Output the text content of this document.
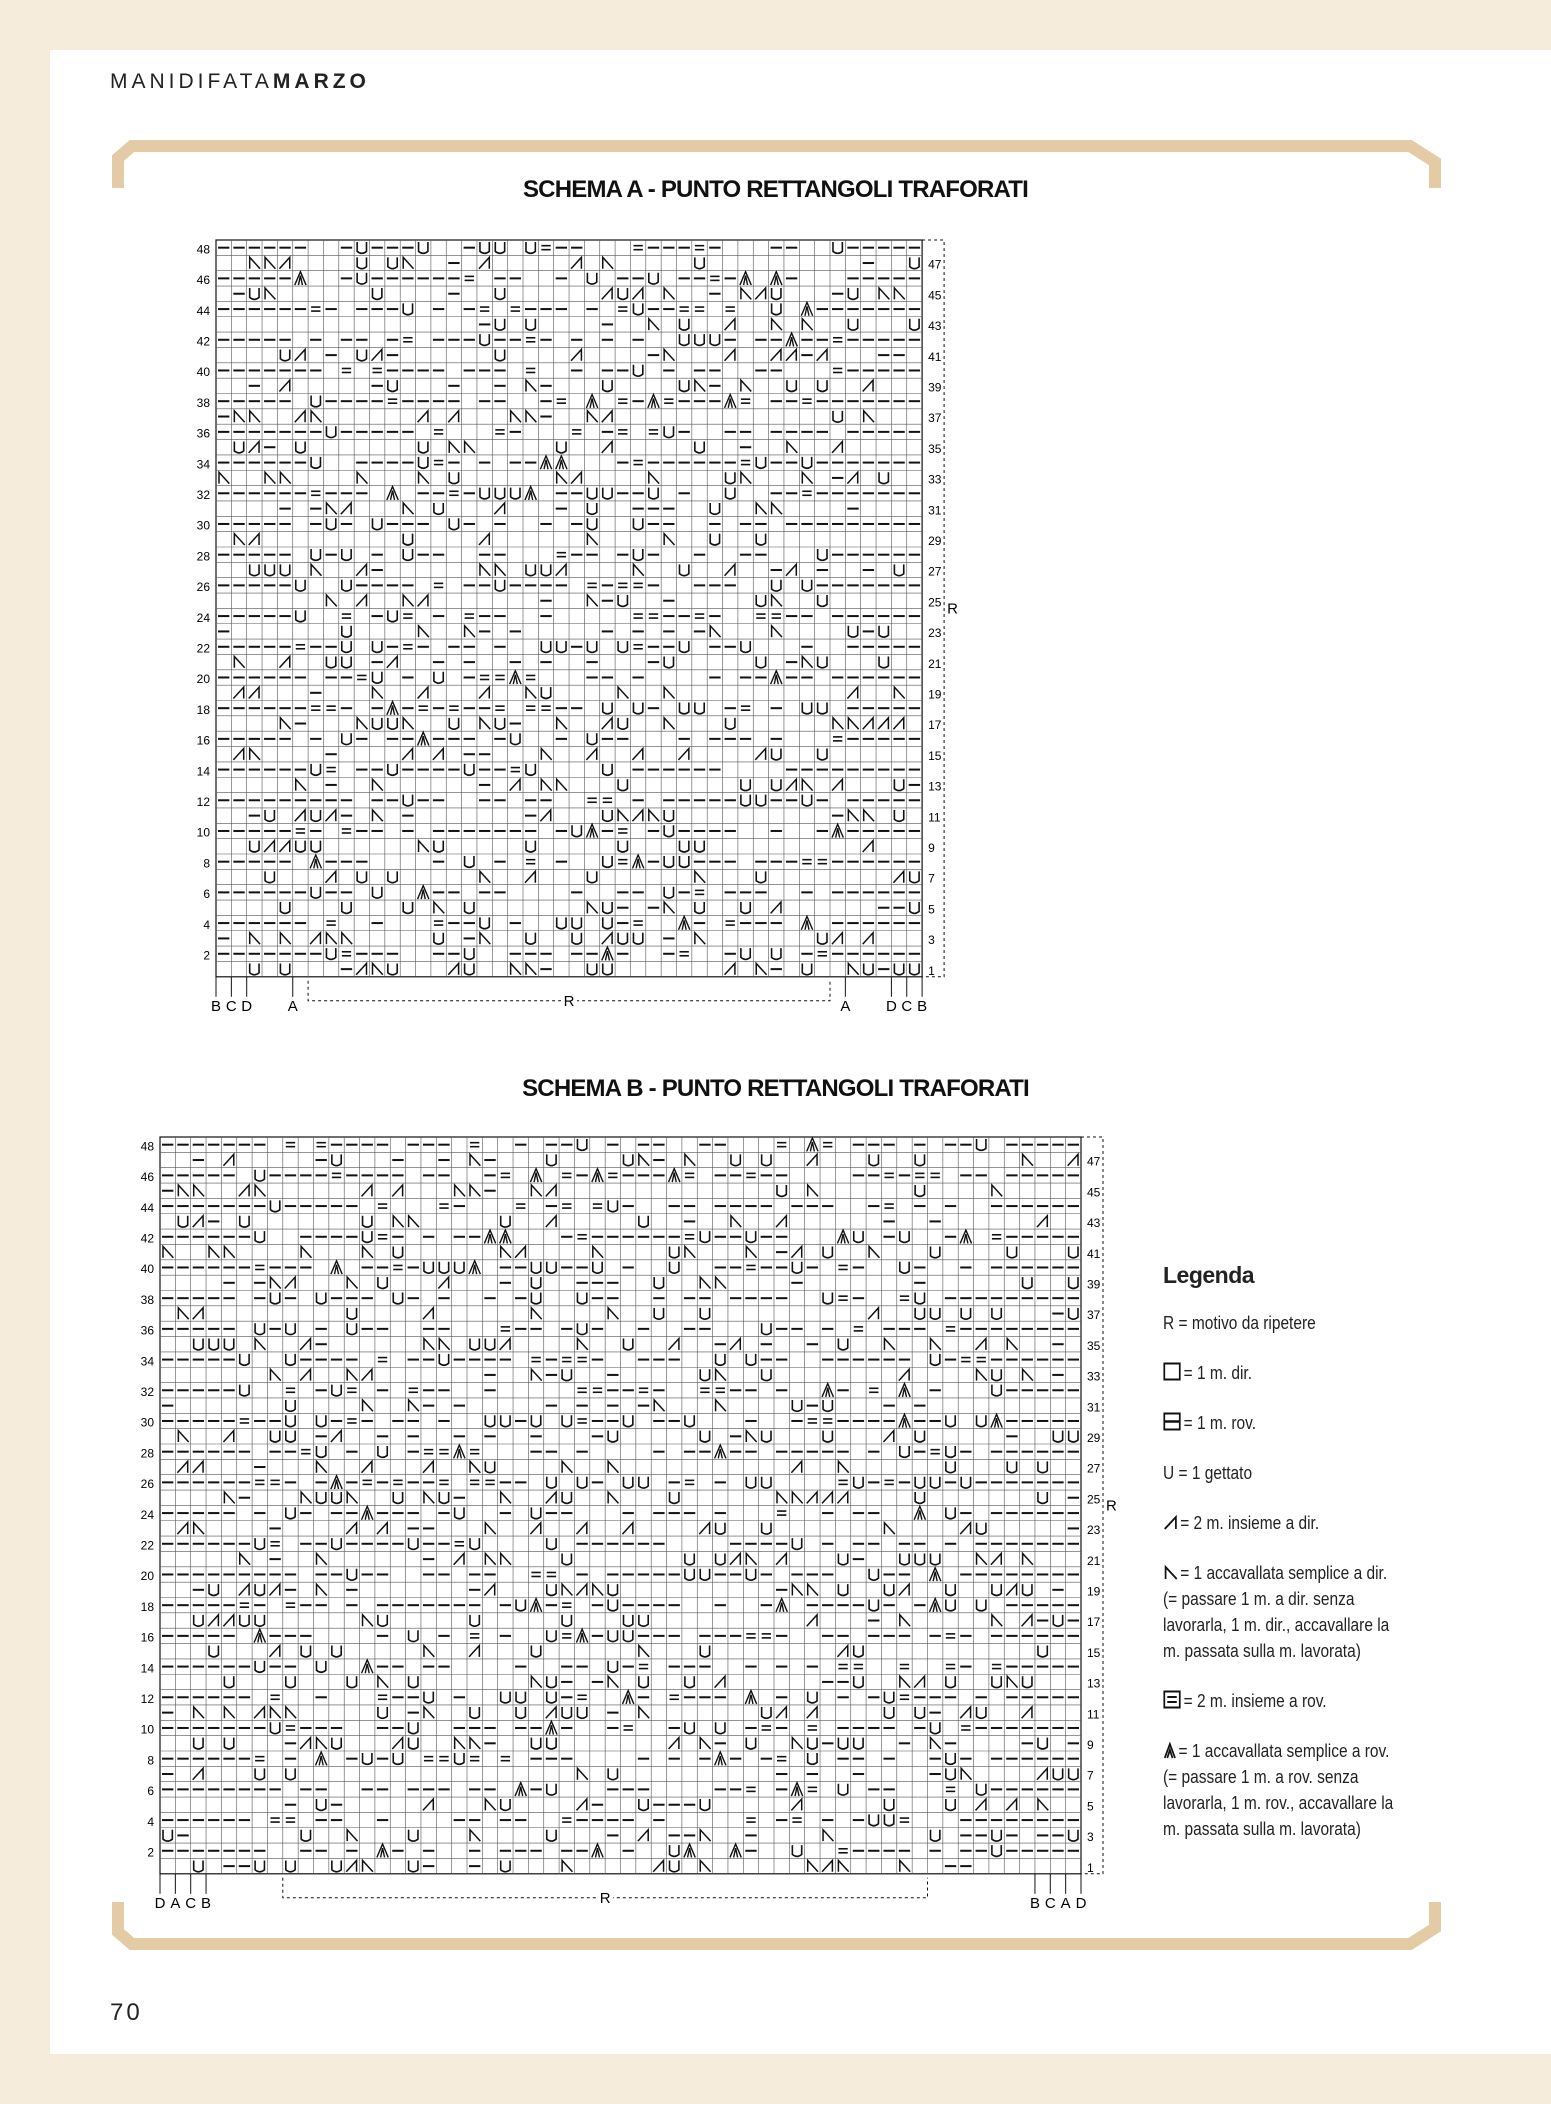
MANIDIFATAMARZO
SCHEMA A - PUNTO RETTANGOLI TRAFORATI
48
46
44
42
40
38
36
34
32
30
28
26
24
22
20
18
16
14
12
10
8
6
4
2
47
45
43
41
39
37
35
33
31
29
27
25
23
21
19
17
15
13
11
9
7
5
3
1
R
B C D A	A D C B
R
SCHEMA B - PUNTO RETTANGOLI TRAFORATI
48
46
44
42
40
38
36
34
32
30
28
26
24
22
20
18
16
14
12
10
8
6
4
2
47
45
43
41
39
37
35
33
31
29
27
25
23
21
19
17
15
13
11
9
7
5
3
1
R
D A C B	B C A D
R
Legenda
R = motivo da ripetere
= 1 m. dir.
= 1 m. rov.
U = 1 gettato
= 2 m. insieme a dir.
= 1 accavallata semplice a dir. (= passare 1 m. a dir. senza lavorarla, 1 m. dir., accavallare la m. passata sulla m. lavorata)
= 2 m. insieme a rov.
= 1 accavallata semplice a rov. (= passare 1 m. a rov. senza lavorarla, 1 m. rov., accavallare la m. passata sulla m. lavorata)
70
